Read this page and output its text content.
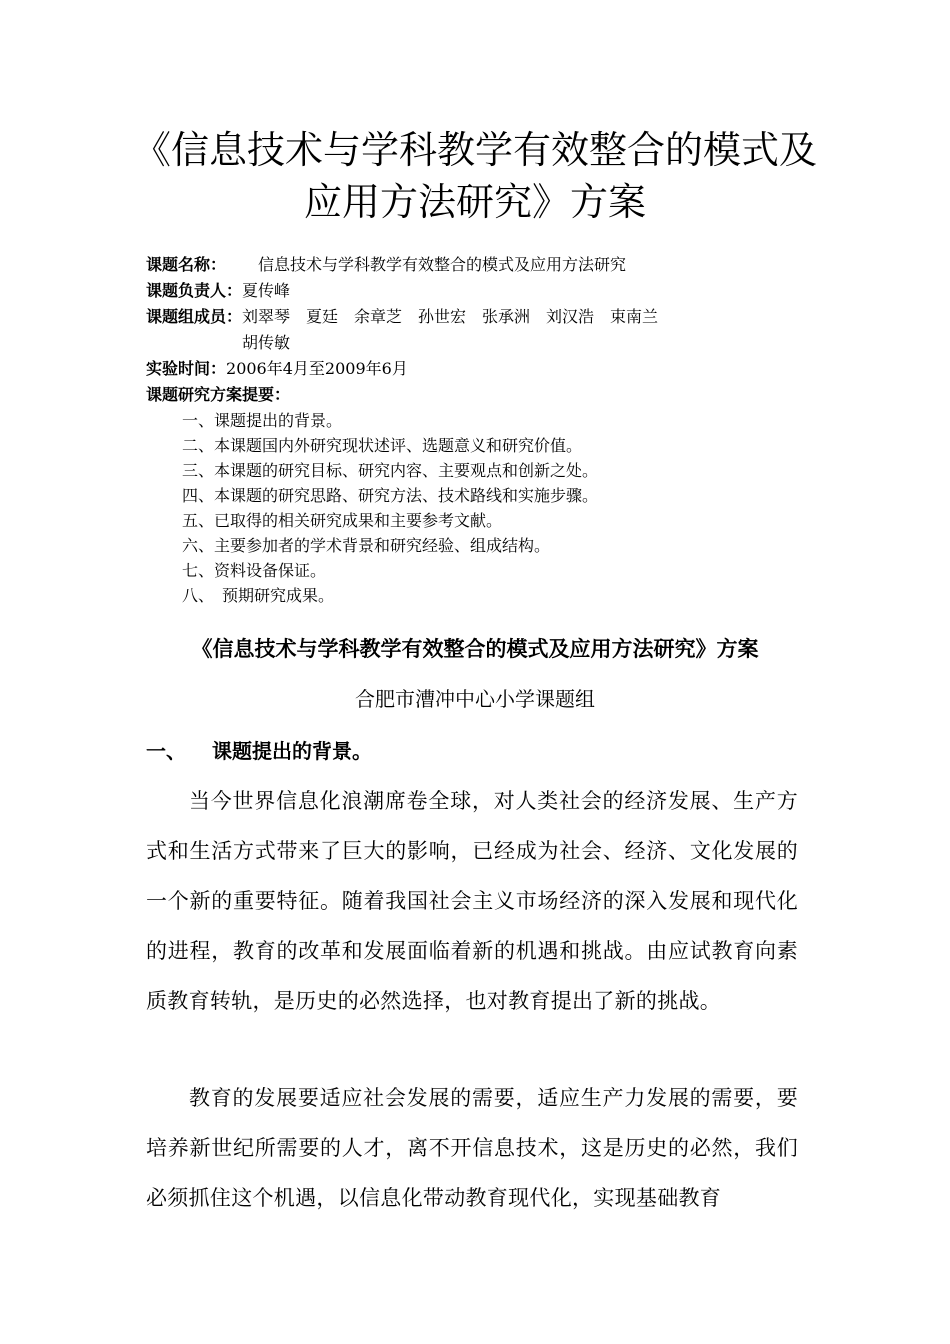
《信息技术与学科教学有效整合的模式及应用方法研究》方案
课题名称：	信息技术与学科教学有效整合的模式及应用方法研究
课题负责人： 夏传峰
课题组成员： 刘翠琴　夏廷　余章芝　孙世宏　张承洲　刘汉浩　束南兰
胡传敏
实验时间： 2006年4月至2009年6月
课题研究方案提要：
一、课题提出的背景。
二、本课题国内外研究现状述评、选题意义和研究价值。
三、本课题的研究目标、研究内容、主要观点和创新之处。
四、本课题的研究思路、研究方法、技术路线和实施步骤。
五、已取得的相关研究成果和主要参考文献。
六、主要参加者的学术背景和研究经验、组成结构。
七、资料设备保证。
八、　预期研究成果。
《信息技术与学科教学有效整合的模式及应用方法研究》方案
合肥市漕冲中心小学课题组
一、	课题提出的背景。

当今世界信息化浪潮席卷全球，对人类社会的经济发展、生产方式和生活方式带来了巨大的影响，已经成为社会、经济、文化发展的一个新的重要特征。随着我国社会主义市场经济的深入发展和现代化的进程，教育的改革和发展面临着新的机遇和挑战。由应试教育向素质教育转轨，是历史的必然选择，也对教育提出了新的挑战。

教育的发展要适应社会发展的需要，适应生产力发展的需要，要培养新世纪所需要的人才，离不开信息技术，这是历史的必然，我们必须抓住这个机遇，以信息化带动教育现代化，实现基础教育
